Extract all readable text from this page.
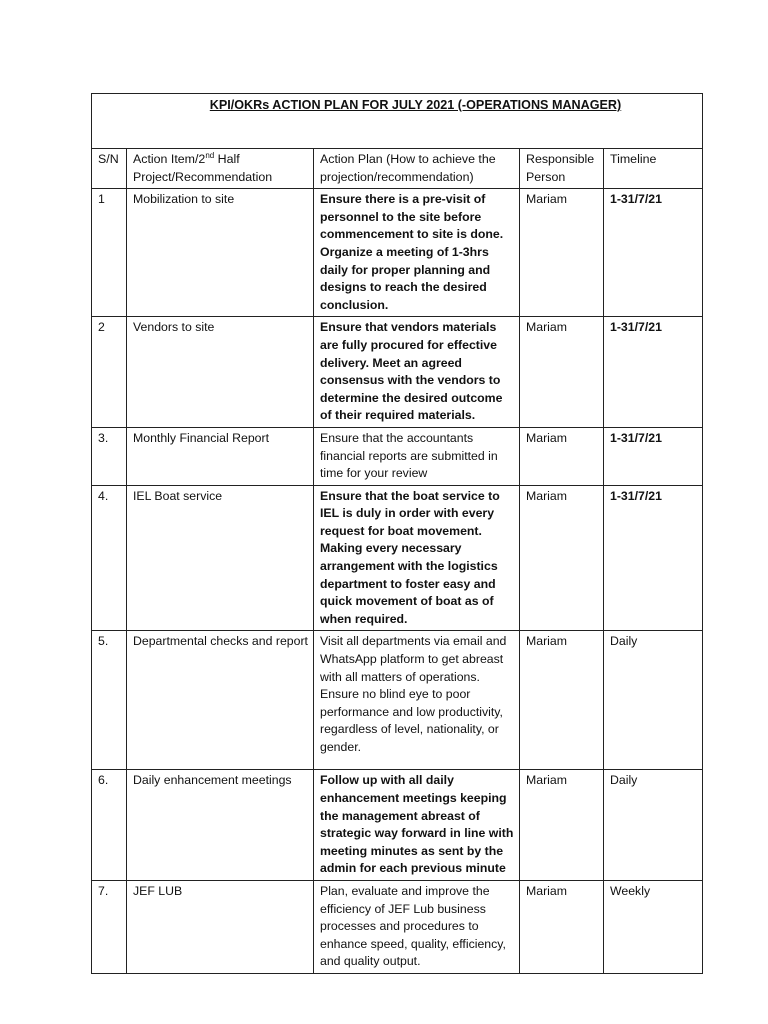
KPI/OKRs ACTION PLAN FOR JULY 2021 (-OPERATIONS MANAGER)				

S/N	Action Item/2nd Half Project/Recommendation	Action Plan (How to achieve the projection/recommendation)	Responsible Person	Timeline
1	Mobilization to site	Ensure there is a pre-visit of personnel to the site before commencement to site is done. Organize a meeting of 1-3hrs daily for proper planning and designs to reach the desired conclusion.	Mariam	1-31/7/21
2	Vendors to site	Ensure that vendors materials are fully procured for effective delivery. Meet an agreed consensus with the vendors to determine the desired outcome of their required materials.	Mariam	1-31/7/21
3.	Monthly Financial Report	Ensure that the accountants financial reports are submitted in time for your review	Mariam	1-31/7/21
4.	IEL Boat service	Ensure that the boat service to IEL is duly in order with every request for boat movement. Making every necessary arrangement with the logistics department to foster easy and quick movement of boat as of when required.	Mariam	1-31/7/21
5.	Departmental checks and report	Visit all departments via email and WhatsApp platform to get abreast with all matters of operations. Ensure no blind eye to poor performance and low productivity, regardless of level, nationality, or gender.	Mariam	Daily
6.	Daily enhancement meetings	Follow up with all daily enhancement meetings keeping the management abreast of strategic way forward in line with meeting minutes as sent by the admin for each previous minute	Mariam	Daily
7.	JEF LUB	Plan, evaluate and improve the efficiency of JEF Lub business processes and procedures to enhance speed, quality, efficiency, and quality output.	Mariam	Weekly
